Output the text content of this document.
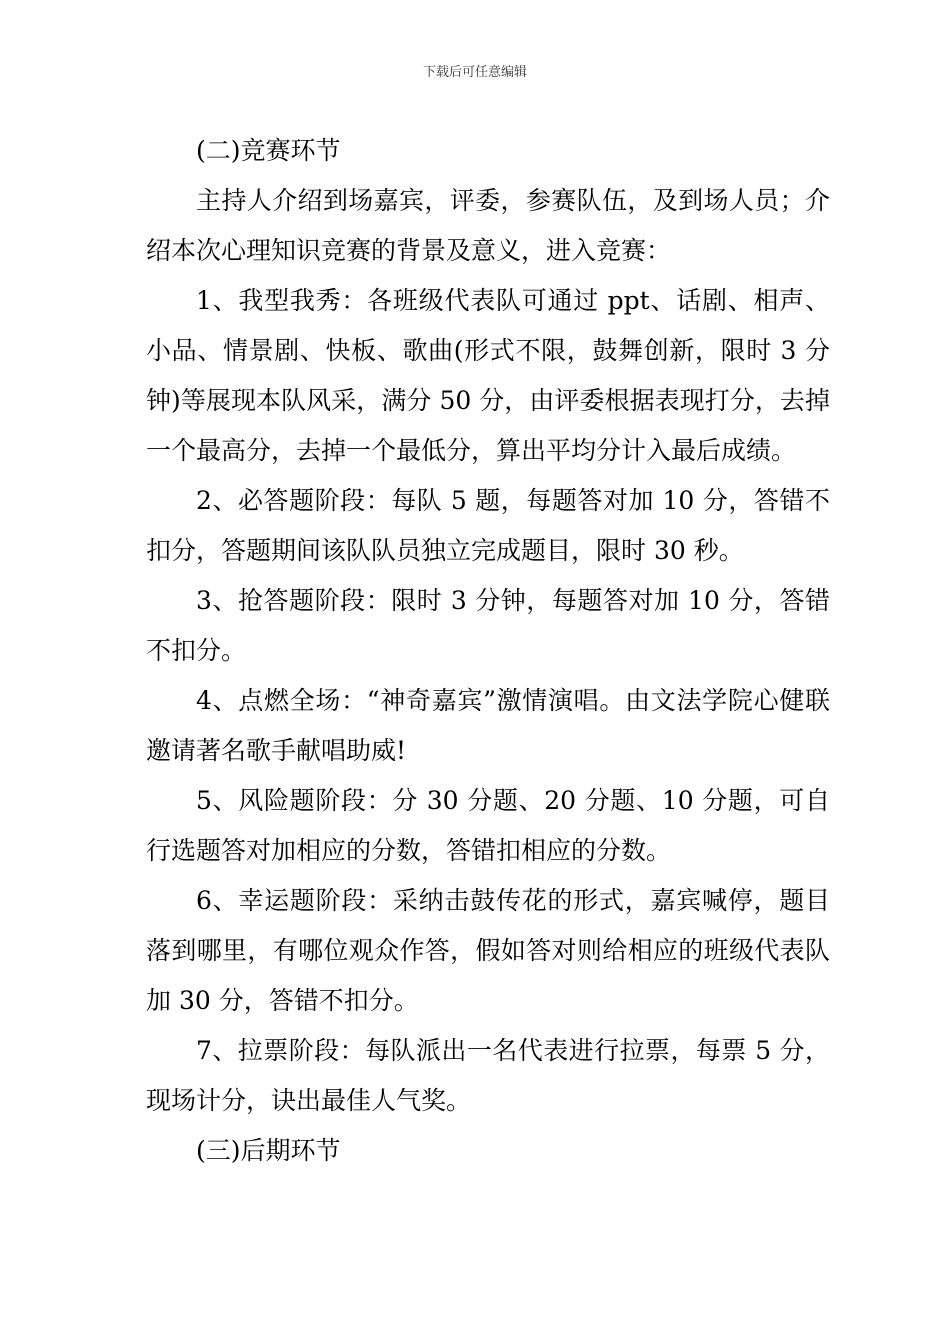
下载后可任意编辑

(二)竞赛环节

主持人介绍到场嘉宾，评委，参赛队伍，及到场人员；介绍本次心理知识竞赛的背景及意义，进入竞赛：

1、我型我秀：各班级代表队可通过 ppt、话剧、相声、小品、情景剧、快板、歌曲(形式不限，鼓舞创新，限时 3 分钟)等展现本队风采，满分 50 分，由评委根据表现打分，去掉一个最高分，去掉一个最低分，算出平均分计入最后成绩。

2、必答题阶段：每队 5 题，每题答对加 10 分，答错不扣分，答题期间该队队员独立完成题目，限时 30 秒。

3、抢答题阶段：限时 3 分钟，每题答对加 10 分，答错不扣分。

4、点燃全场：“神奇嘉宾”激情演唱。由文法学院心健联邀请著名歌手献唱助威!

5、风险题阶段：分 30 分题、20 分题、10 分题，可自行选题答对加相应的分数，答错扣相应的分数。

6、幸运题阶段：采纳击鼓传花的形式，嘉宾喊停，题目落到哪里，有哪位观众作答，假如答对则给相应的班级代表队加 30 分，答错不扣分。

7、拉票阶段：每队派出一名代表进行拉票，每票 5 分，现场计分，诀出最佳人气奖。

(三)后期环节
